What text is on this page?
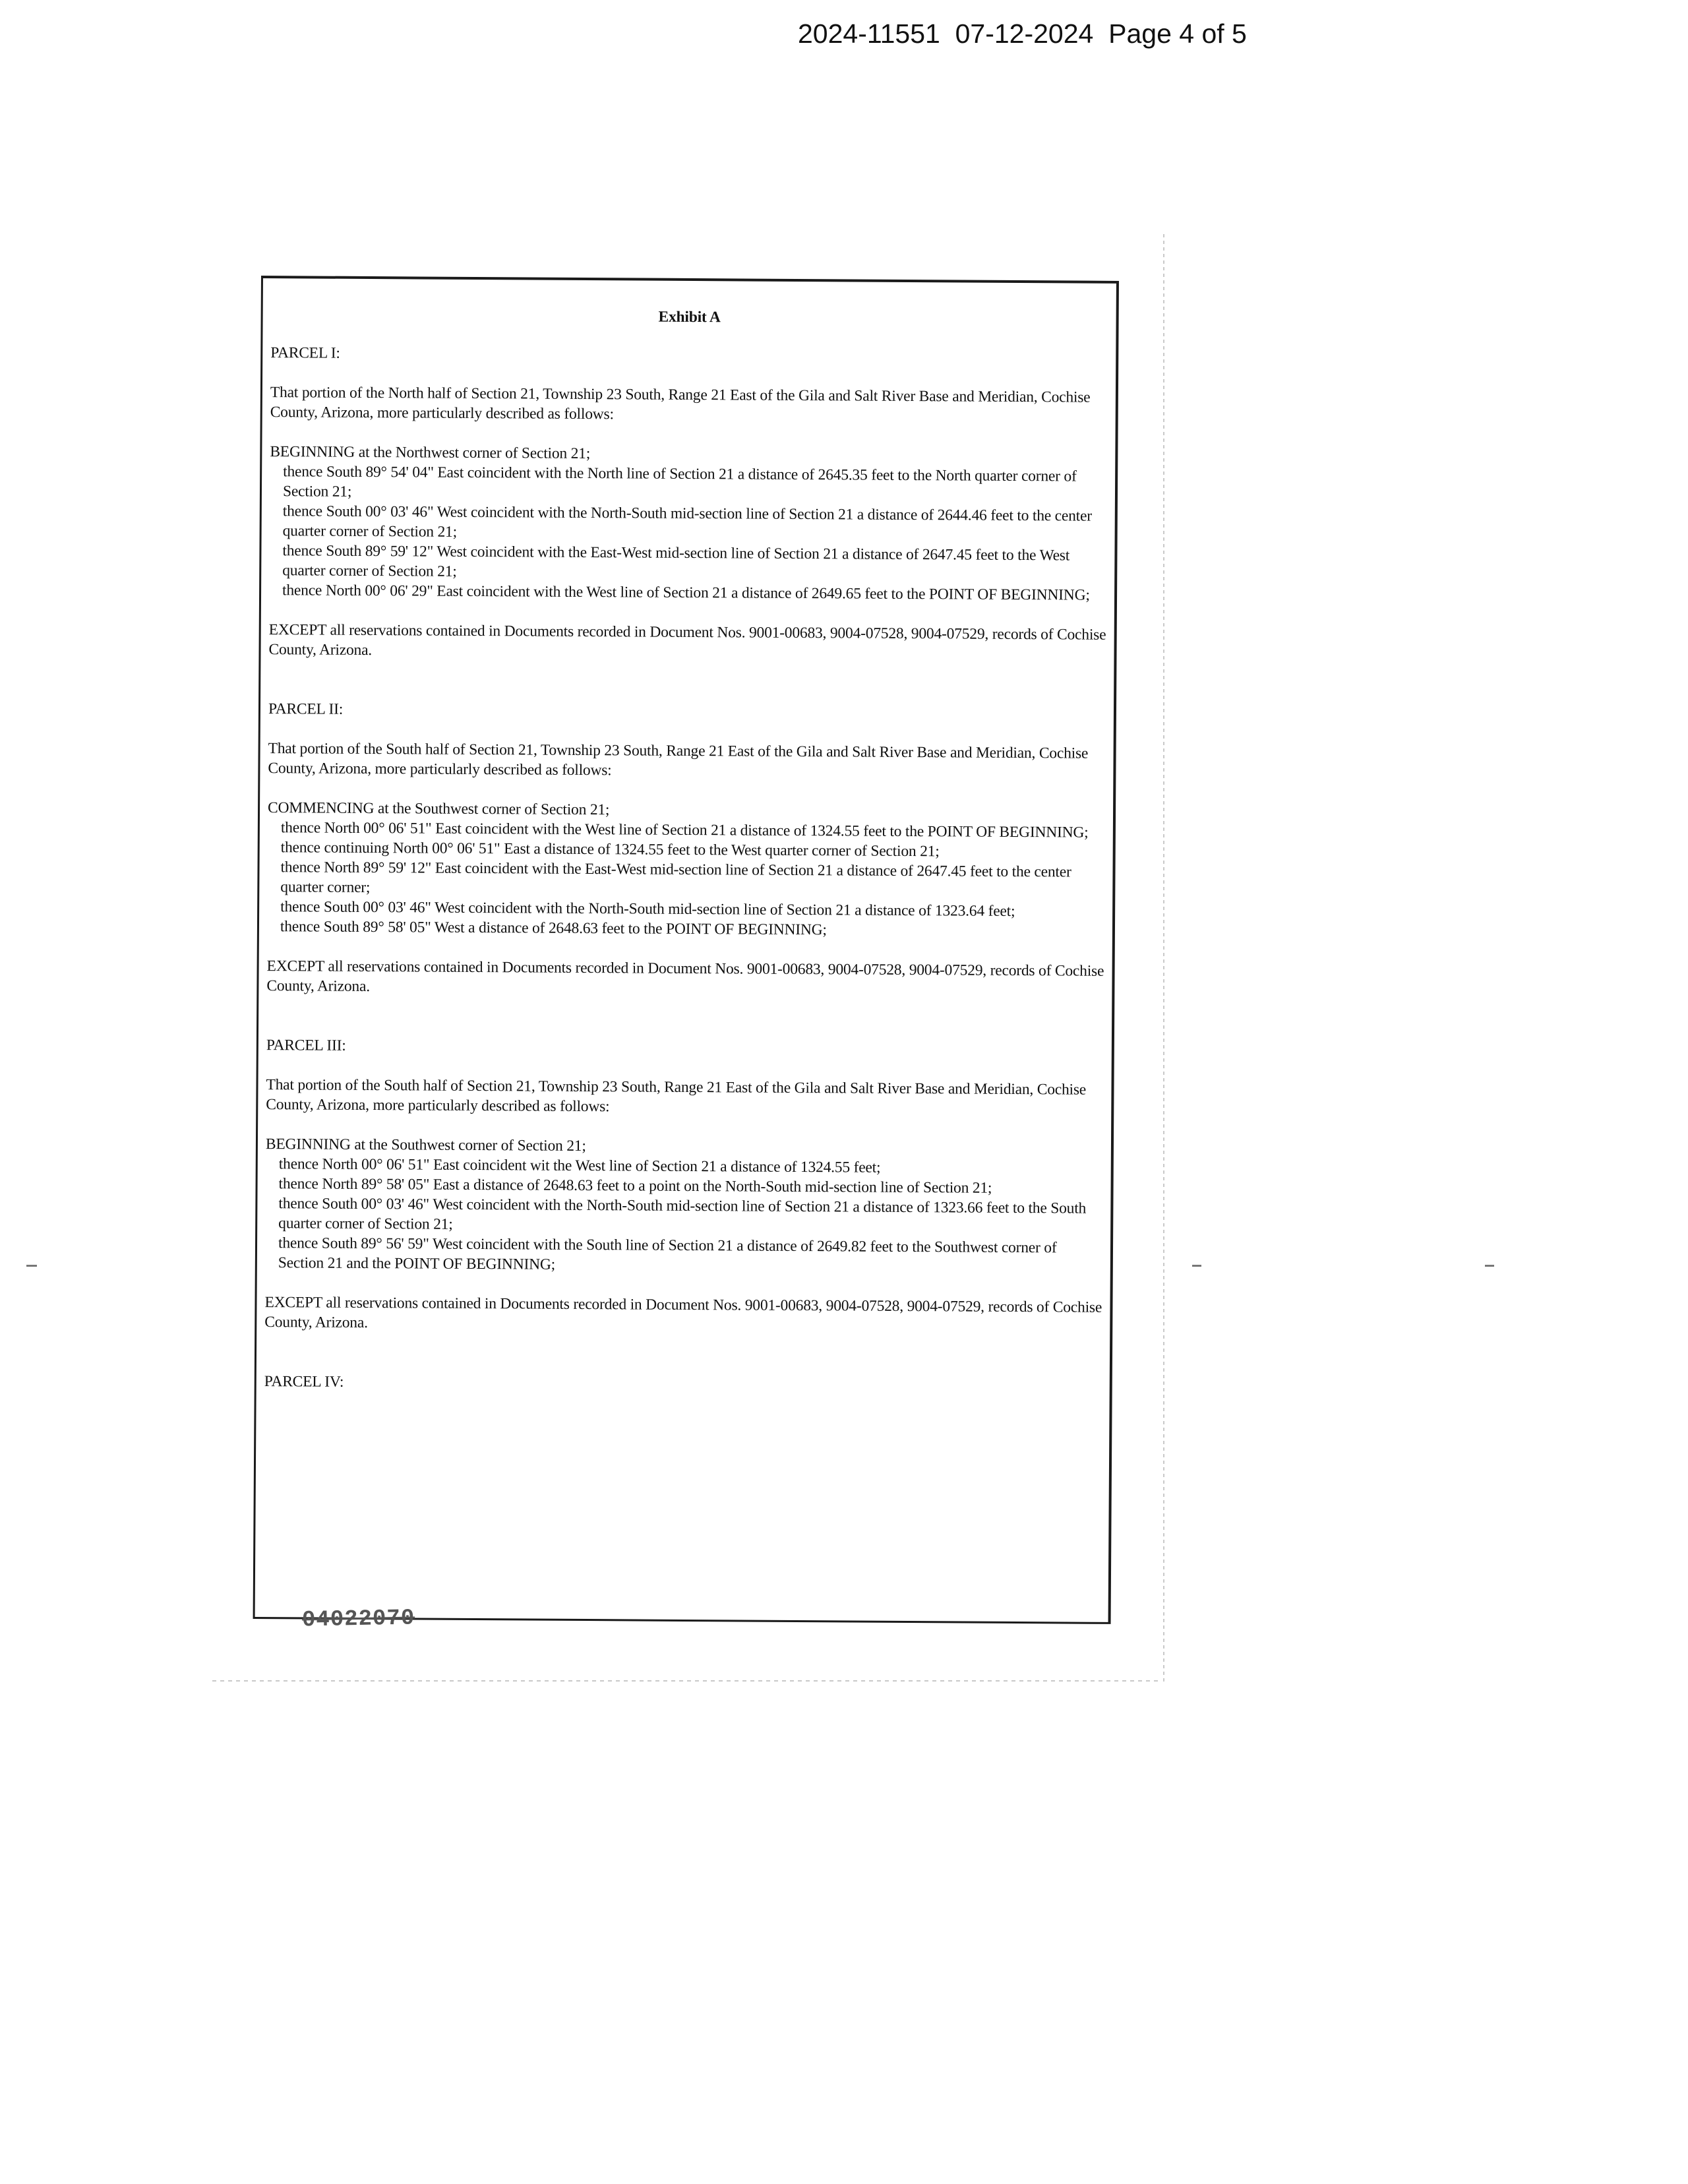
2024-11551  07-12-2024  Page 4 of 5
Exhibit A
PARCEL I:
That portion of the North half of Section 21, Township 23 South, Range 21 East of the Gila and Salt River Base and Meridian, Cochise County, Arizona, more particularly described as follows:
BEGINNING at the Northwest corner of Section 21;
thence South 89° 54' 04" East coincident with the North line of Section 21 a distance of 2645.35 feet to the North quarter corner of Section 21;
thence South 00° 03' 46" West coincident with the North-South mid-section line of Section 21 a distance of 2644.46 feet to the center quarter corner of Section 21;
thence South 89° 59' 12" West coincident with the East-West mid-section line of Section 21 a distance of 2647.45 feet to the West quarter corner of Section 21;
thence North 00° 06' 29" East coincident with the West line of Section 21 a distance of 2649.65 feet to the POINT OF BEGINNING;
EXCEPT all reservations contained in Documents recorded in Document Nos. 9001-00683, 9004-07528, 9004-07529, records of Cochise County, Arizona.
PARCEL II:
That portion of the South half of Section 21, Township 23 South, Range 21 East of the Gila and Salt River Base and Meridian, Cochise County, Arizona, more particularly described as follows:
COMMENCING at the Southwest corner of Section 21;
thence North 00° 06' 51" East coincident with the West line of Section 21 a distance of 1324.55 feet to the POINT OF BEGINNING;
thence continuing North 00° 06' 51" East a distance of 1324.55 feet to the West quarter corner of Section 21;
thence North 89° 59' 12" East coincident with the East-West mid-section line of Section 21 a distance of 2647.45 feet to the center quarter corner;
thence South 00° 03' 46" West coincident with the North-South mid-section line of Section 21 a distance of 1323.64 feet;
thence South 89° 58' 05" West a distance of 2648.63 feet to the POINT OF BEGINNING;
EXCEPT all reservations contained in Documents recorded in Document Nos. 9001-00683, 9004-07528, 9004-07529, records of Cochise County, Arizona.
PARCEL III:
That portion of the South half of Section 21, Township 23 South, Range 21 East of the Gila and Salt River Base and Meridian, Cochise County, Arizona, more particularly described as follows:
BEGINNING at the Southwest corner of Section 21;
thence North 00° 06' 51" East coincident wit the West line of Section 21 a distance of 1324.55 feet;
thence North 89° 58' 05" East a distance of 2648.63 feet to a point on the North-South mid-section line of Section 21;
thence South 00° 03' 46" West coincident with the North-South mid-section line of Section 21 a distance of 1323.66 feet to the South quarter corner of Section 21;
thence South 89° 56' 59" West coincident with the South line of Section 21 a distance of 2649.82 feet to the Southwest corner of Section 21 and the POINT OF BEGINNING;
EXCEPT all reservations contained in Documents recorded in Document Nos. 9001-00683, 9004-07528, 9004-07529, records of Cochise County, Arizona.
PARCEL IV:
04022070
